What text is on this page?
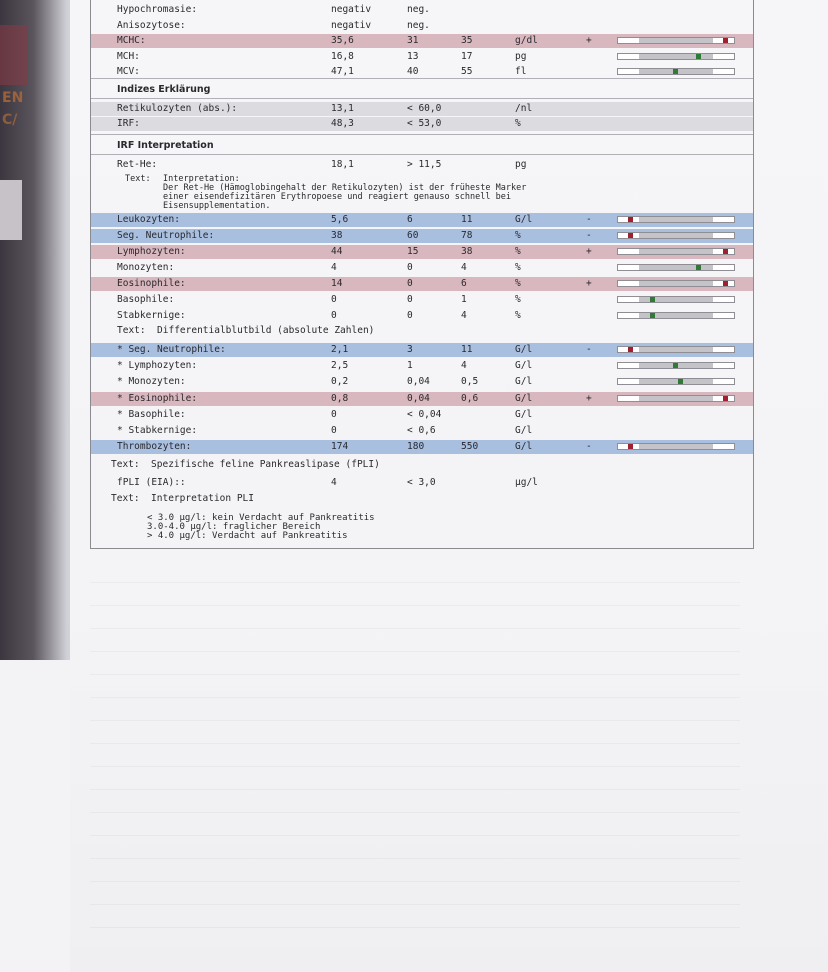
EN
C/
Hypochromasie:	negativ	neg.
Anisozytose:	negativ	neg.
MCHC:	35,6	31	35	g/dl	+
MCH:	16,8	13	17	pg
MCV:	47,1	40	55	fl
Indizes Erklärung
Retikulozyten (abs.):	13,1	< 60,0	/nl
IRF:	48,3	< 53,0	%
IRF Interpretation
Ret-He:	18,1	> 11,5	pg
Text: Interpretation:
Der Ret-He (Hämoglobingehalt der Retikulozyten) ist der früheste Marker
einer eisendefizitären Erythropoese und reagiert genauso schnell bei
Eisensupplementation.
Leukozyten:	5,6	6	11	G/l	-
Seg. Neutrophile:	38	60	78	%	-
Lymphozyten:	44	15	38	%	+
Monozyten:	4	0	4	%
Eosinophile:	14	0	6	%	+
Basophile:	0	0	1	%
Stabkernige:	0	0	4	%
Text:  Differentialblutbild (absolute Zahlen)
* Seg. Neutrophile:	2,1	3	11	G/l	-
* Lymphozyten:	2,5	1	4	G/l
* Monozyten:	0,2	0,04	0,5	G/l
* Eosinophile:	0,8	0,04	0,6	G/l	+
* Basophile:	0	< 0,04	G/l
* Stabkernige:	0	< 0,6	G/l
Thrombozyten:	174	180	550	G/l	-
Text:  Spezifische feline Pankreaslipase (fPLI)
fPLI (EIA)::	4	< 3,0	µg/l
Text:  Interpretation PLI
< 3.0 µg/l: kein Verdacht auf Pankreatitis
3.0-4.0 µg/l: fraglicher Bereich
> 4.0 µg/l: Verdacht auf Pankreatitis
